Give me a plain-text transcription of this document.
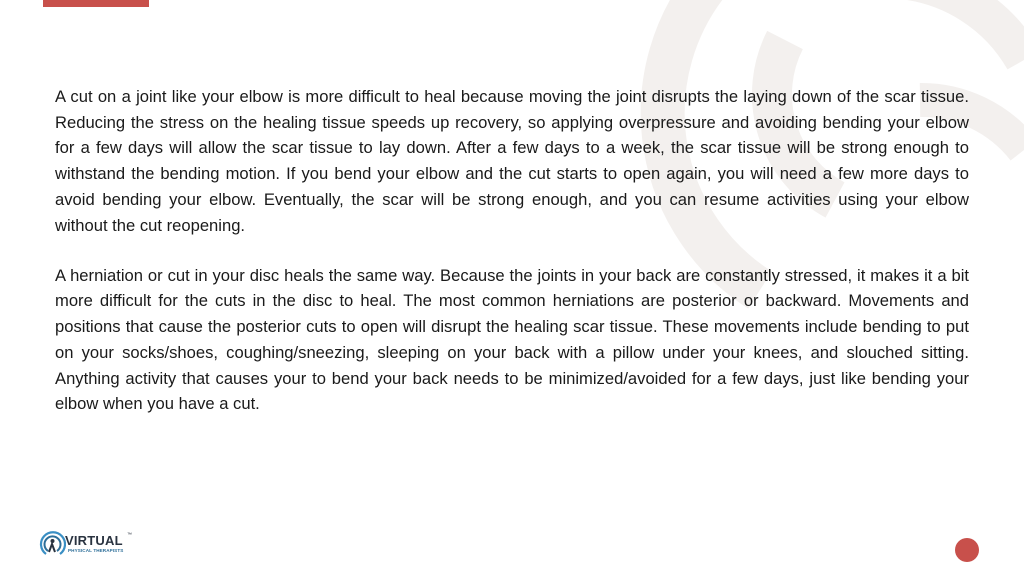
A cut on a joint like your elbow is more difficult to heal because moving the joint disrupts the laying down of the scar tissue. Reducing the stress on the healing tissue speeds up recovery, so applying overpressure and avoiding bending your elbow for a few days will allow the scar tissue to lay down. After a few days to a week, the scar tissue will be strong enough to withstand the bending motion. If you bend your elbow and the cut starts to open again, you will need a few more days to avoid bending your elbow. Eventually, the scar will be strong enough, and you can resume activities using your elbow without the cut reopening.

A herniation or cut in your disc heals the same way. Because the joints in your back are constantly stressed, it makes it a bit more difficult for the cuts in the disc to heal. The most common herniations are posterior or backward. Movements and positions that cause the posterior cuts to open will disrupt the healing scar tissue. These movements include bending to put on your socks/shoes, coughing/sneezing, sleeping on your back with a pillow under your knees, and slouched sitting. Anything activity that causes your to bend your back needs to be minimized/avoided for a few days, just like bending your elbow when you have a cut.

VIRTUAL ™
PHYSICAL THERAPISTS
